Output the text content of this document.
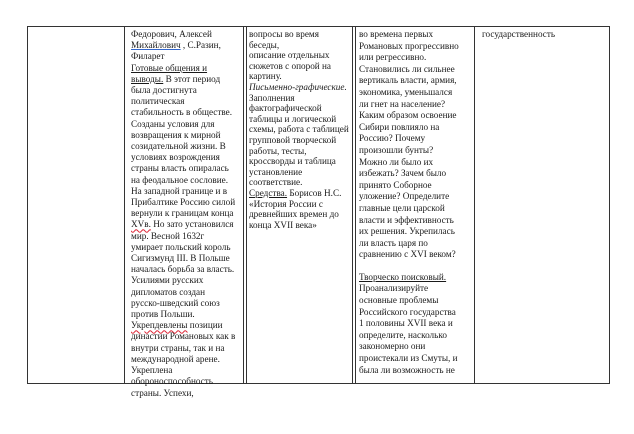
Федорович, Алексей

Михайлович , С.Разин,

Филарет

Готовые общения и

выводы. В этот период

была достигнута

политическая

стабильность в обществе.

Созданы условия для

возвращения к мирной

созидательной жизни. В

условиях возрождения

страны власть опиралась

на феодальное сословие.

На западной границе и в

Прибалтике Россию силой

вернули к границам конца

XVв. Но зато установился

мир. Весной 1632г

умирает польский король

Сигизмунд III. В Польше

началась борьба за власть.

Усилиями русских

дипломатов создан

русско-шведский союз

против Польши.

Укрепдевлены позиции

династии Романовых как в

внутри страны, так и на

международной арене.

Укреплена

обороноспособность

страны. Успехи,

вопросы во время беседы,

описание отдельных

сюжетов с опорой на

картину.

Письменно-графические.

Заполнения

фактографической

таблицы и логической

схемы, работа с таблицей

групповой творческой

работы, тесты,

кроссворды и таблица

установление

соответствие.

Средства. Борисов Н.С.

«История России с

древнейших времен до

конца XVII века»

во времена первых

Романовых прогрессивно

или регрессивно.

Становились ли сильнее

вертикаль власти, армия,

экономика, уменьшался

ли гнет на население?

Каким образом освоение

Сибири повлияло на

Россию? Почему

произошли бунты?

Можно ли было их

избежать? Зачем было

принято Соборное

уложение? Определите

главные цели царской

власти и эффективность

их решения. Укрепилась

ли власть царя по

сравнению с XVI веком?

Творческо поисковый.

Проанализируйте

основные проблемы

Российского государства

1 половины XVII века и

определите, насколько

закономерно они

проистекали из Смуты, и

была ли возможность не

государственность
